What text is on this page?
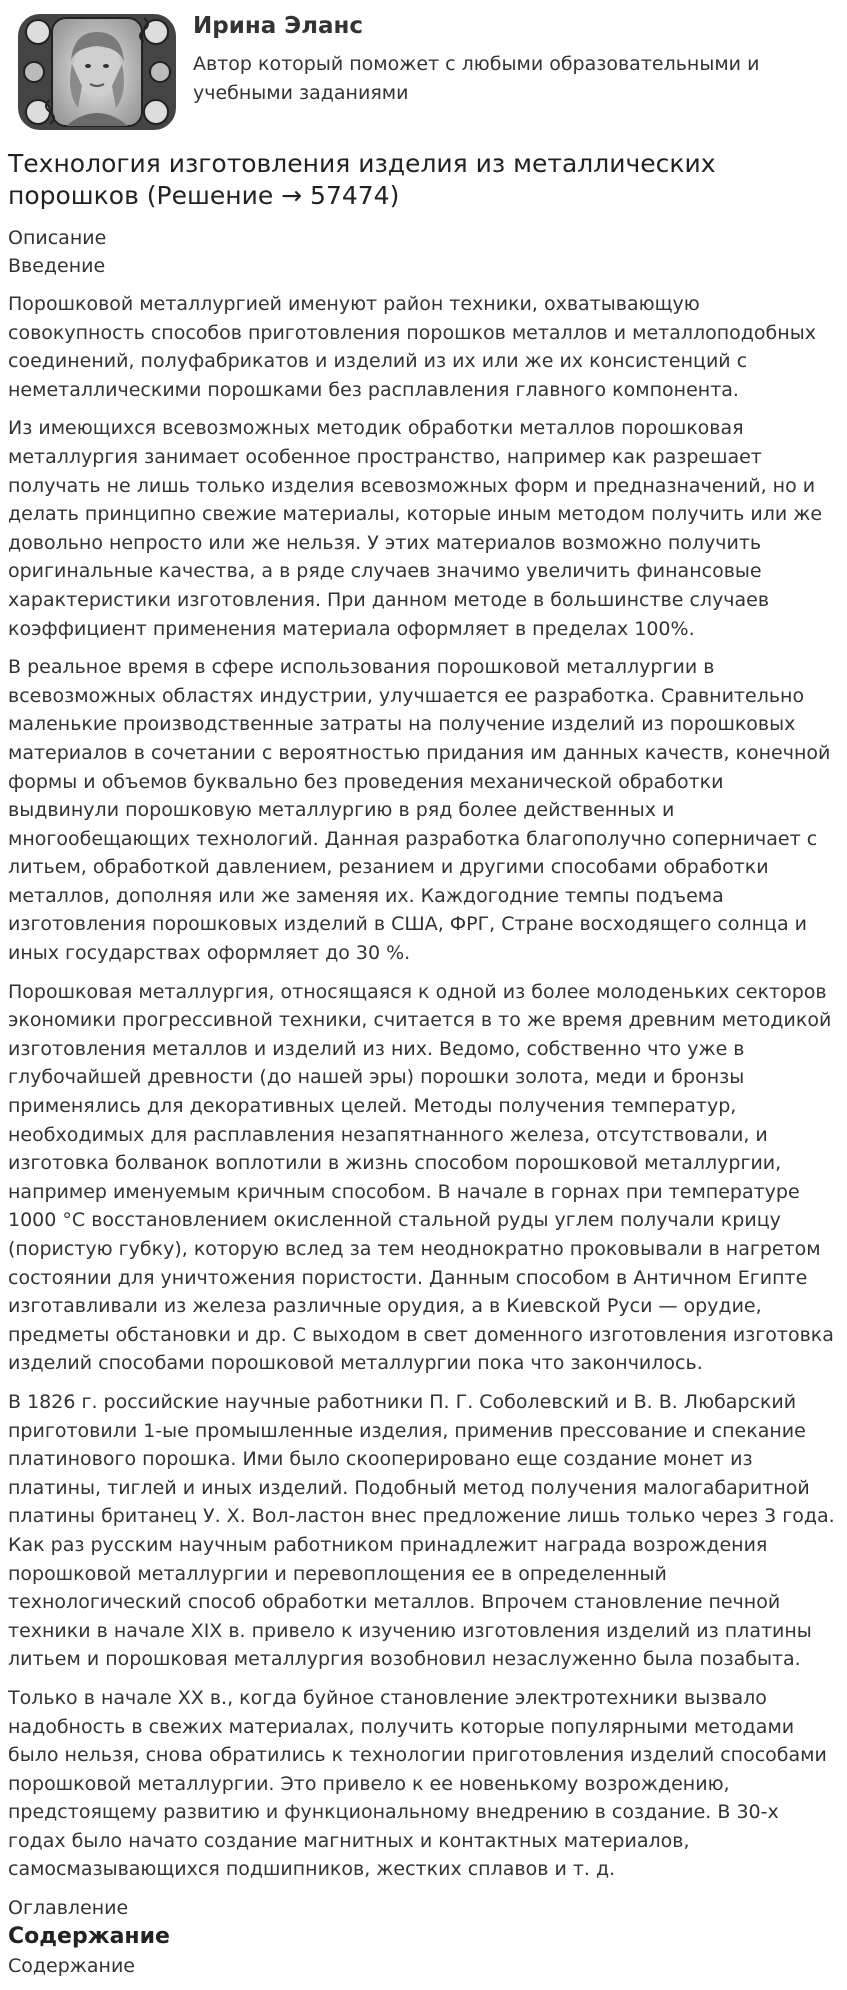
Ирина Эланс
Автор который поможет с любыми образовательными и учебными заданиями
Технология изготовления изделия из металлических порошков (Решение → 57474)
Описание
Введение

Порошковой металлургией именуют район техники, охватывающую совокупность способов приготовления порошков металлов и металлоподобных соединений, полуфабрикатов и изделий из их или же их консистенций с неметаллическими порошками без расплавления главного компонента.

Из имеющихся всевозможных методик обработки металлов порошковая металлургия занимает особенное пространство, например как разрешает получать не лишь только изделия всевозможных форм и предназначений, но и делать принципно свежие материалы, которые иным методом получить или же довольно непросто или же нельзя. У этих материалов возможно получить оригинальные качества, а в ряде случаев значимо увеличить финансовые характеристики изготовления. При данном методе в большинстве случаев коэффициент применения материала оформляет в пределах 100%.

В реальное время в сфере использования порошковой металлургии в всевозможных областях индустрии, улучшается ее разработка. Сравнительно маленькие производственные затраты на получение изделий из порошковых материалов в сочетании с вероятностью придания им данных качеств, конечной формы и объемов буквально без проведения механической обработки выдвинули порошковую металлургию в ряд более действенных и многообещающих технологий. Данная разработка благополучно соперничает с литьем, обработкой давлением, резанием и другими способами обработки металлов, дополняя или же заменяя их. Каждогодние темпы подъема изготовления порошковых изделий в США, ФРГ, Стране восходящего солнца и иных государствах оформляет до 30 %.

Порошковая металлургия, относящаяся к одной из более молоденьких секторов экономики прогрессивной техники, считается в то же время древним методикой изготовления металлов и изделий из них. Ведомо, собственно что уже в глубочайшей древности (до нашей эры) порошки золота, меди и бронзы применялись для декоративных целей. Методы получения температур, необходимых для расплавления незапятнанного железа, отсутствовали, и изготовка болванок воплотили в жизнь способом порошковой металлургии, например именуемым кричным способом. В начале в горнах при температуре 1000 °С восстановлением окисленной стальной руды углем получали крицу (пористую губку), которую вслед за тем неоднократно проковывали в нагретом состоянии для уничтожения пористости. Данным способом в Античном Египте изготавливали из железа различные орудия, а в Киевской Руси — орудие, предметы обстановки и др. С выходом в свет доменного изготовления изготовка изделий способами порошковой металлургии пока что закончилось.

В 1826 г. российские научные работники П. Г. Соболевский и В. В. Любарский приготовили 1-ые промышленные изделия, применив прессование и спекание платинового порошка. Ими было скооперировано еще создание монет из платины, тиглей и иных изделий. Подобный метод получения малогабаритной платины британец У. Х. Вол-ластон внес предложение лишь только через 3 года. Как раз русским научным работником принадлежит награда возрождения порошковой металлургии и перевоплощения ее в определенный технологический способ обработки металлов. Впрочем становление печной техники в начале XIX в. привело к изучению изготовления изделий из платины литьем и порошковая металлургия возобновил незаслуженно была позабыта.

Только в начале XX в., когда буйное становление электротехники вызвало надобность в свежих материалах, получить которые популярными методами было нельзя, снова обратились к технологии приготовления изделий способами порошковой металлургии. Это привело к ее новенькому возрождению, предстоящему развитию и функциональному внедрению в создание. В 30-х годах было начато создание магнитных и контактных материалов, самосмазывающихся подшипников, жестких сплавов и т. д.

Оглавление
Содержание
Содержание
